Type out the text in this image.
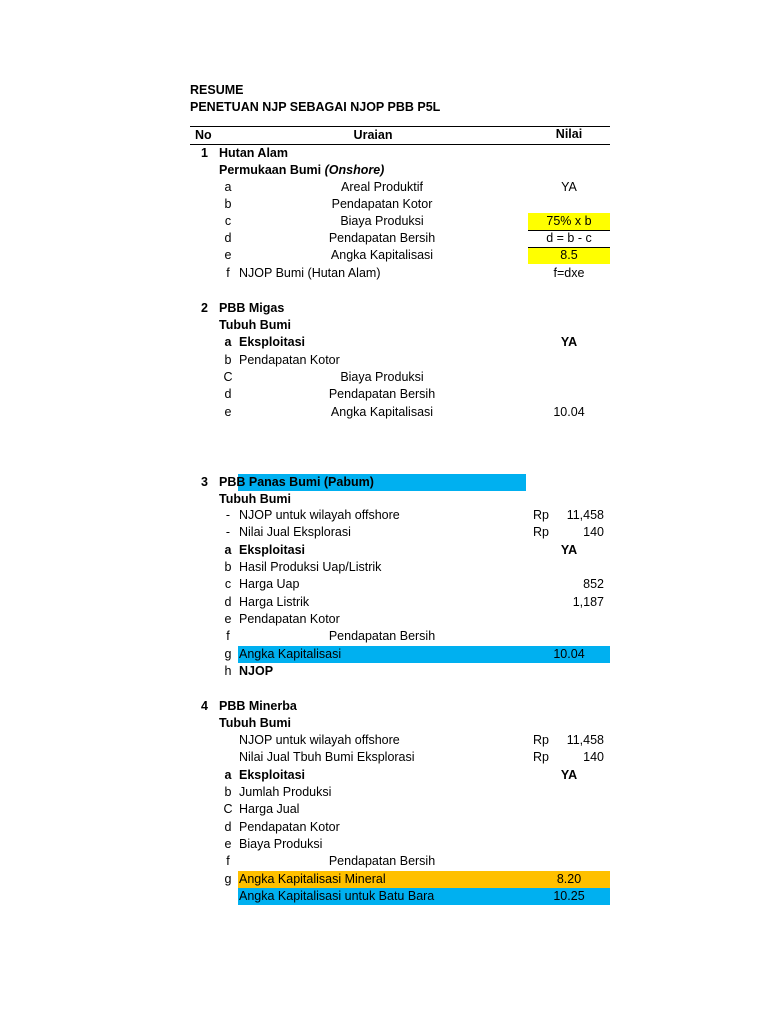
RESUME
PENETUAN NJP SEBAGAI NJOP PBB P5L
No	Uraian	Nilai
1 Hutan Alam
Permukaan Bumi (Onshore)
a	Areal Produktif	YA
b	Pendapatan Kotor
c	Biaya Produksi	75% x b
d	Pendapatan Bersih	d = b - c
e	Angka Kapitalisasi	8.5
f NJOP Bumi (Hutan Alam)	f=dxe
2 PBB Migas
Tubuh Bumi
a Eksploitasi	YA
b Pendapatan Kotor
C	Biaya Produksi
d	Pendapatan Bersih
e	Angka Kapitalisasi	10.04
3 PBB Panas Bumi (Pabum)
Tubuh Bumi
- NJOP untuk wilayah offshore	Rp	11,458
- Nilai Jual Eksplorasi	Rp	140
a Eksploitasi	YA
b Hasil Produksi Uap/Listrik
c Harga Uap	852
d Harga Listrik	1,187
e Pendapatan Kotor
f	Pendapatan Bersih
g Angka Kapitalisasi	10.04
h NJOP
4 PBB Minerba
Tubuh Bumi
NJOP untuk wilayah offshore	Rp	11,458
Nilai Jual Tbuh Bumi Eksplorasi	Rp	140
a Eksploitasi	YA
b Jumlah Produksi
C Harga Jual
d Pendapatan Kotor
e Biaya Produksi
f	Pendapatan Bersih
g Angka Kapitalisasi Mineral	8.20
Angka Kapitalisasi untuk Batu Bara	10.25
